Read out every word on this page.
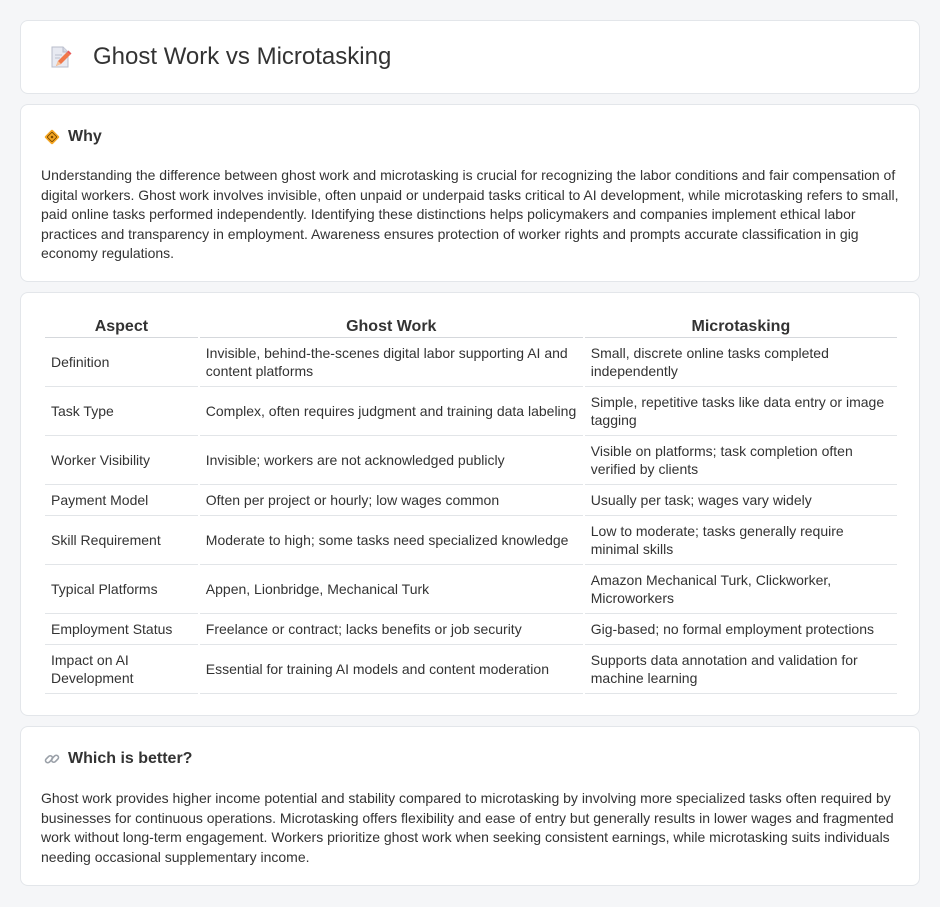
Ghost Work vs Microtasking
Why

Understanding the difference between ghost work and microtasking is crucial for recognizing the labor conditions and fair compensation of digital workers. Ghost work involves invisible, often unpaid or underpaid tasks critical to AI development, while microtasking refers to small, paid online tasks performed independently. Identifying these distinctions helps policymakers and companies implement ethical labor practices and transparency in employment. Awareness ensures protection of worker rights and prompts accurate classification in gig economy regulations.

Aspect	Ghost Work	Microtasking
Definition	Invisible, behind-the-scenes digital labor supporting AI and content platforms	Small, discrete online tasks completed independently
Task Type	Complex, often requires judgment and training data labeling	Simple, repetitive tasks like data entry or image tagging
Worker Visibility	Invisible; workers are not acknowledged publicly	Visible on platforms; task completion often verified by clients
Payment Model	Often per project or hourly; low wages common	Usually per task; wages vary widely
Skill Requirement	Moderate to high; some tasks need specialized knowledge	Low to moderate; tasks generally require minimal skills
Typical Platforms	Appen, Lionbridge, Mechanical Turk	Amazon Mechanical Turk, Clickworker, Microworkers
Employment Status	Freelance or contract; lacks benefits or job security	Gig-based; no formal employment protections
Impact on AI Development	Essential for training AI models and content moderation	Supports data annotation and validation for machine learning
Which is better?

Ghost work provides higher income potential and stability compared to microtasking by involving more specialized tasks often required by businesses for continuous operations. Microtasking offers flexibility and ease of entry but generally results in lower wages and fragmented work without long-term engagement. Workers prioritize ghost work when seeking consistent earnings, while microtasking suits individuals needing occasional supplementary income.
